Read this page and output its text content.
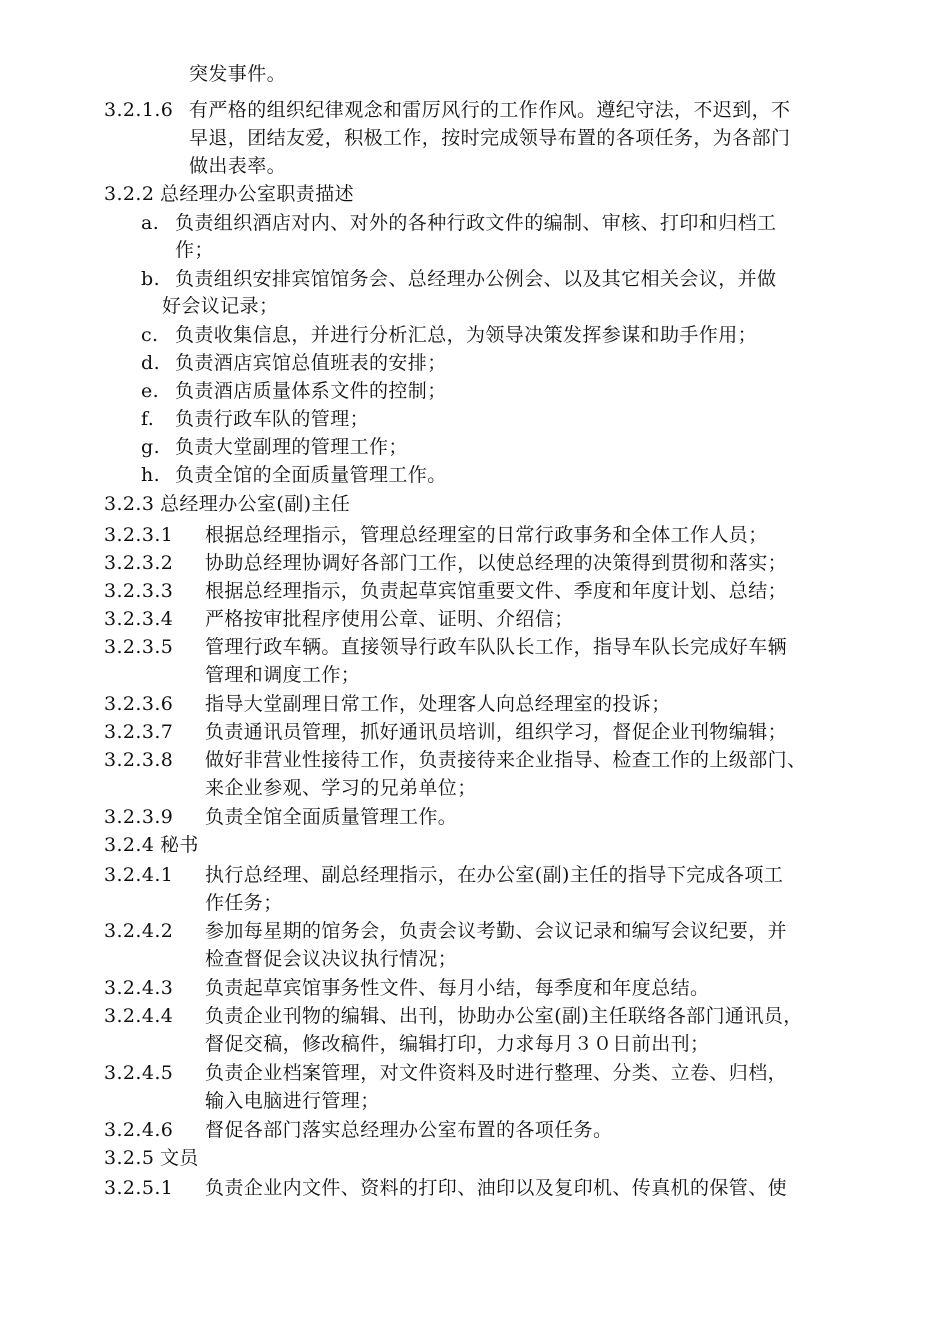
突发事件。
3.2.1.6 有严格的组织纪律观念和雷厉风行的工作作风。遵纪守法，不迟到，不
早退，团结友爱，积极工作，按时完成领导布置的各项任务，为各部门
做出表率。
3.2.2 总经理办公室职责描述
a. 负责组织酒店对内、对外的各种行政文件的编制、审核、打印和归档工
作；
b. 负责组织安排宾馆馆务会、总经理办公例会、以及其它相关会议，并做
好会议记录；
c. 负责收集信息，并进行分析汇总，为领导决策发挥参谋和助手作用；
d. 负责酒店宾馆总值班表的安排；
e. 负责酒店质量体系文件的控制；
f. 负责行政车队的管理；
g. 负责大堂副理的管理工作；
h. 负责全馆的全面质量管理工作。
3.2.3 总经理办公室(副)主任
3.2.3.1 根据总经理指示，管理总经理室的日常行政事务和全体工作人员；
3.2.3.2 协助总经理协调好各部门工作，以使总经理的决策得到贯彻和落实；
3.2.3.3 根据总经理指示，负责起草宾馆重要文件、季度和年度计划、总结；
3.2.3.4 严格按审批程序使用公章、证明、介绍信；
3.2.3.5 管理行政车辆。直接领导行政车队队长工作，指导车队长完成好车辆
管理和调度工作；
3.2.3.6 指导大堂副理日常工作，处理客人向总经理室的投诉；
3.2.3.7 负责通讯员管理，抓好通讯员培训，组织学习，督促企业刊物编辑；
3.2.3.8 做好非营业性接待工作，负责接待来企业指导、检查工作的上级部门、
来企业参观、学习的兄弟单位；
3.2.3.9 负责全馆全面质量管理工作。
3.2.4 秘书
3.2.4.1 执行总经理、副总经理指示，在办公室(副)主任的指导下完成各项工
作任务；
3.2.4.2 参加每星期的馆务会，负责会议考勤、会议记录和编写会议纪要，并
检查督促会议决议执行情况；
3.2.4.3 负责起草宾馆事务性文件、每月小结，每季度和年度总结。
3.2.4.4 负责企业刊物的编辑、出刊，协助办公室(副)主任联络各部门通讯员，
督促交稿，修改稿件，编辑打印，力求每月３０日前出刊；
3.2.4.5 负责企业档案管理，对文件资料及时进行整理、分类、立卷、归档，
输入电脑进行管理；
3.2.4.6 督促各部门落实总经理办公室布置的各项任务。
3.2.5 文员
3.2.5.1 负责企业内文件、资料的打印、油印以及复印机、传真机的保管、使
